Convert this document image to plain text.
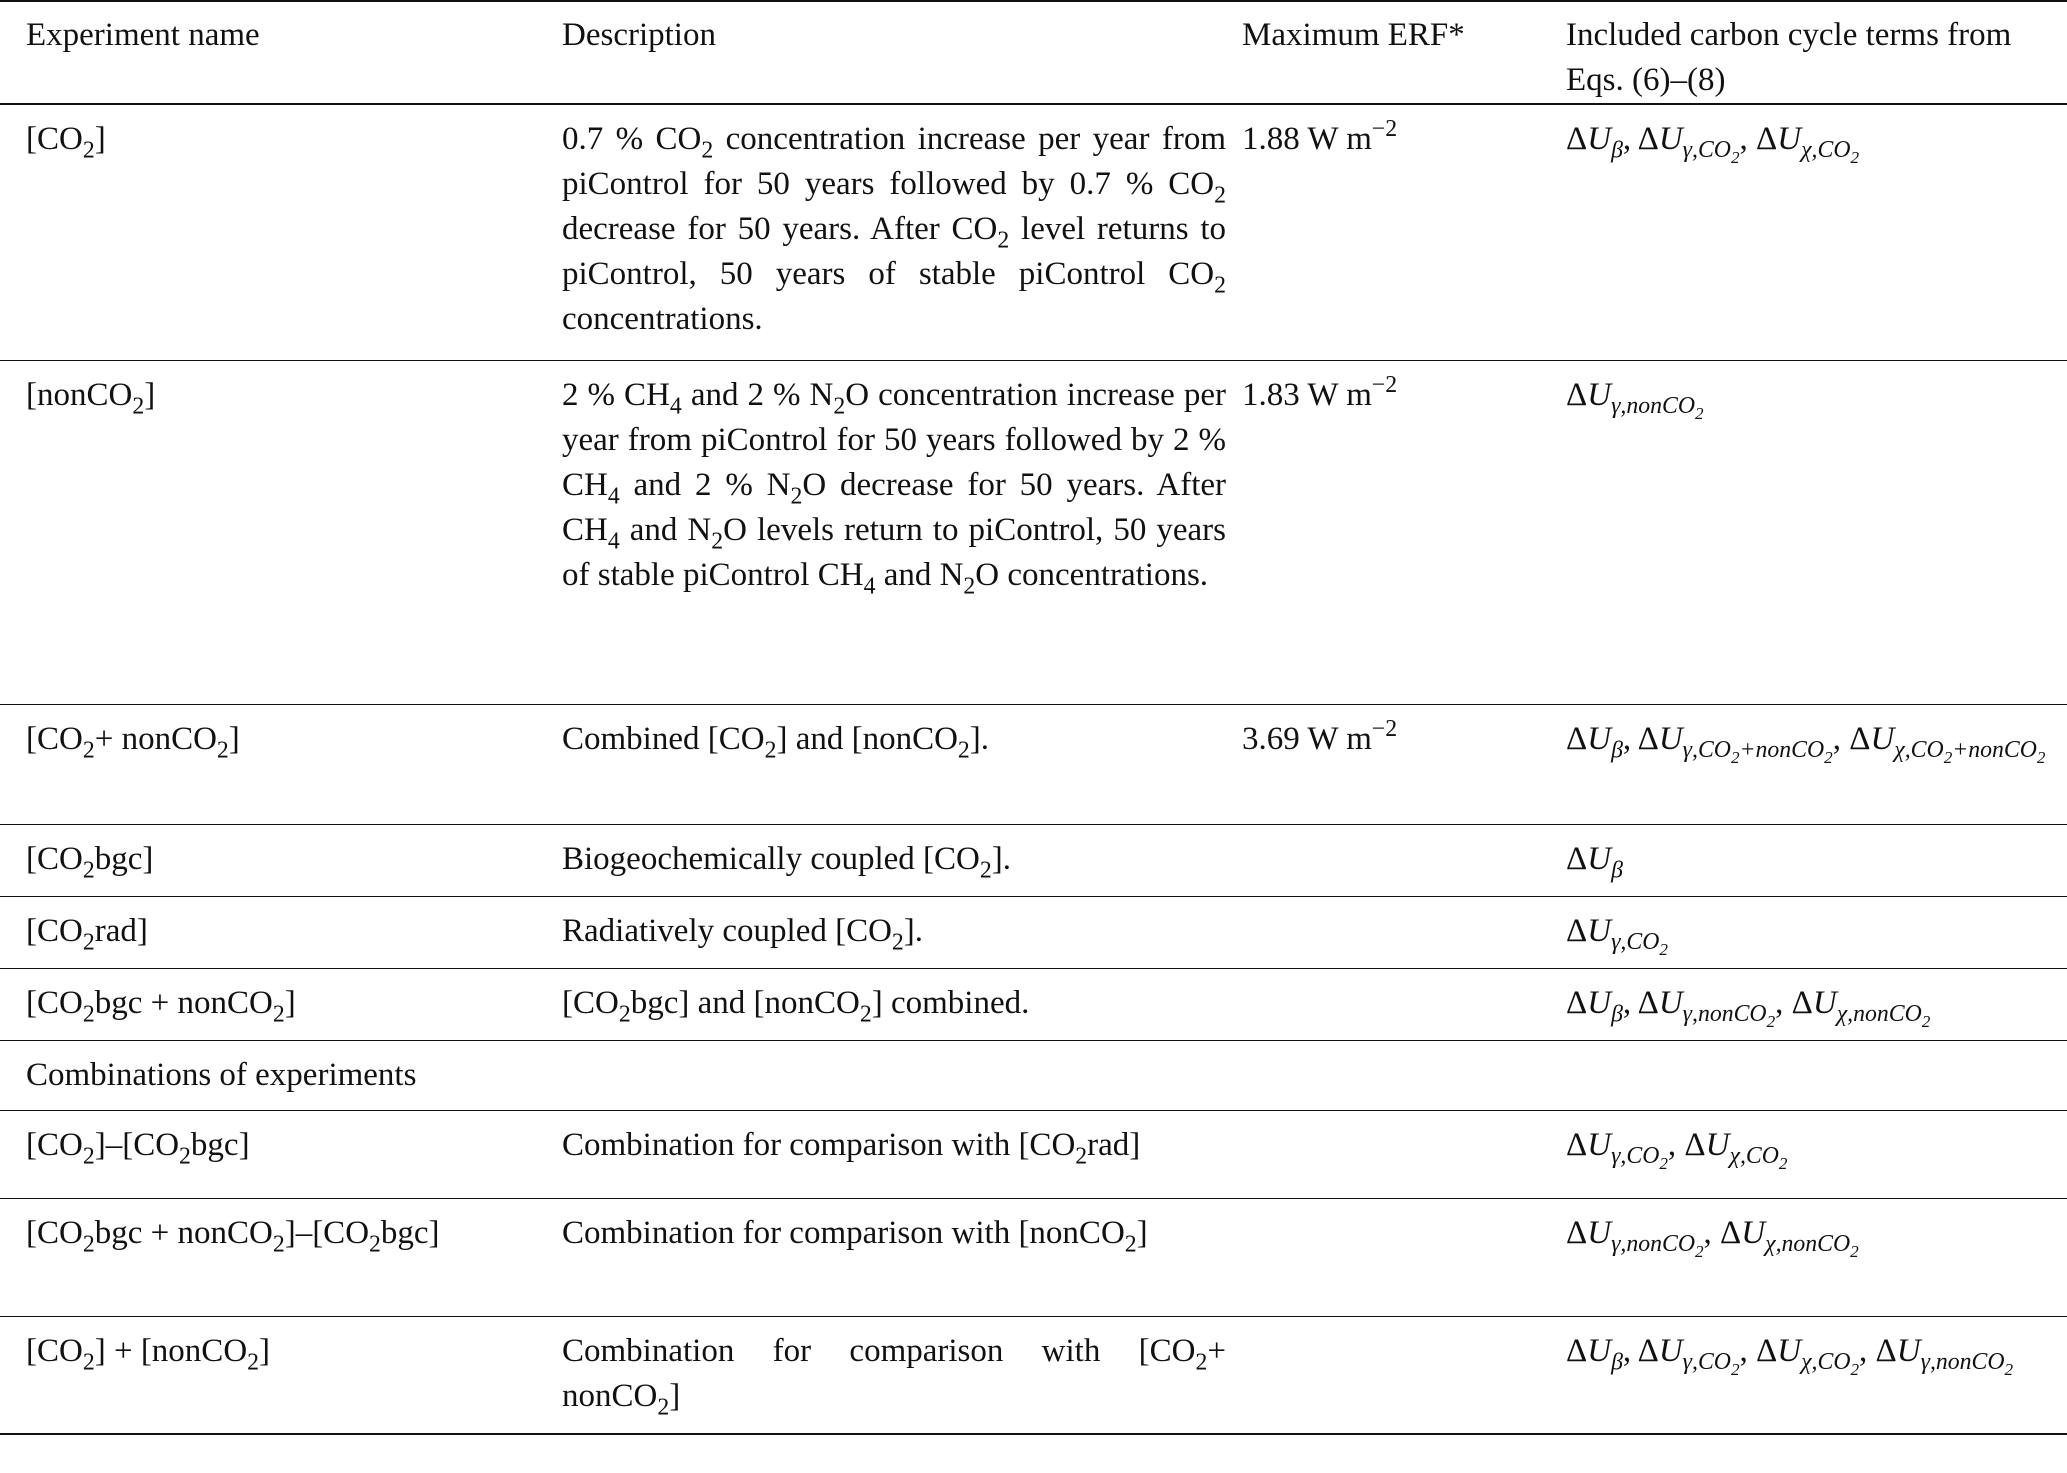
Experiment name	Description	Maximum ERF*	Included carbon cycle terms from Eqs. (6)–(8)
$[CO_2]$	0.7 % $CO_2$ concentration increase per year from piControl for 50 years followed by 0.7 % $CO_2$ decrease for 50 years. After $CO_2$ level returns to piControl, 50 years of stable piControl $CO_2$ concentrations.	1.88 W $m^{-2}$	$\Delta U_\beta$, $\Delta U_{\gamma,CO_2}$, $\Delta U_{\chi,CO_2}$
[nonCO$_2$]	2 % $CH_4$ and 2 % $N_2O$ concentration increase per year from piControl for 50 years followed by 2 % $CH_4$ and 2 % $N_2O$ decrease for 50 years. After $CH_4$ and $N_2O$ levels return to piControl, 50 years of stable piControl $CH_4$ and $N_2O$ concentrations.	1.83 W $m^{-2}$	$\Delta U_{\gamma,nonCO_2}$
[$CO_2+$ nonCO$_2$]	Combined $[CO_2]$ and [nonCO$_2$].	3.69 W $m^{-2}$	$\Delta U_\beta$, $\Delta U_{\gamma,CO_2+nonCO_2}$, $\Delta U_{\chi,CO_2+nonCO_2}$
$[CO_2bgc]$	Biogeochemically coupled $[CO_2]$.		$\Delta U_\beta$
$[CO_2rad]$	Radiatively coupled $[CO_2]$.		$\Delta U_{\gamma,CO_2}$
[$CO_2bgc$ + nonCO$_2$]	$[CO_2bgc]$ and [nonCO$_2$] combined.		$\Delta U_\beta$, $\Delta U_{\gamma,nonCO_2}$, $\Delta U_{\chi,nonCO_2}$
Combinations of experiments			
$[CO_2]-[CO_2bgc]$	Combination for comparison with $[CO_2rad]$		$\Delta U_{\gamma,CO_2}$, $\Delta U_{\chi,CO_2}$
[$CO_2bgc$ + $nonCO_2]-[CO_2bgc]$	Combination for comparison with [nonCO$_2$]		$\Delta U_{\gamma,nonCO_2}$, $\Delta U_{\chi,nonCO_2}$
$[CO_2]$ + [nonCO$_2$]	Combination for comparison with [$CO_2+$ nonCO$_2$]		$\Delta U_\beta$, $\Delta U_{\gamma,CO_2}$, $\Delta U_{\chi,CO_2}$, $\Delta U_{\gamma,nonCO_2}$
